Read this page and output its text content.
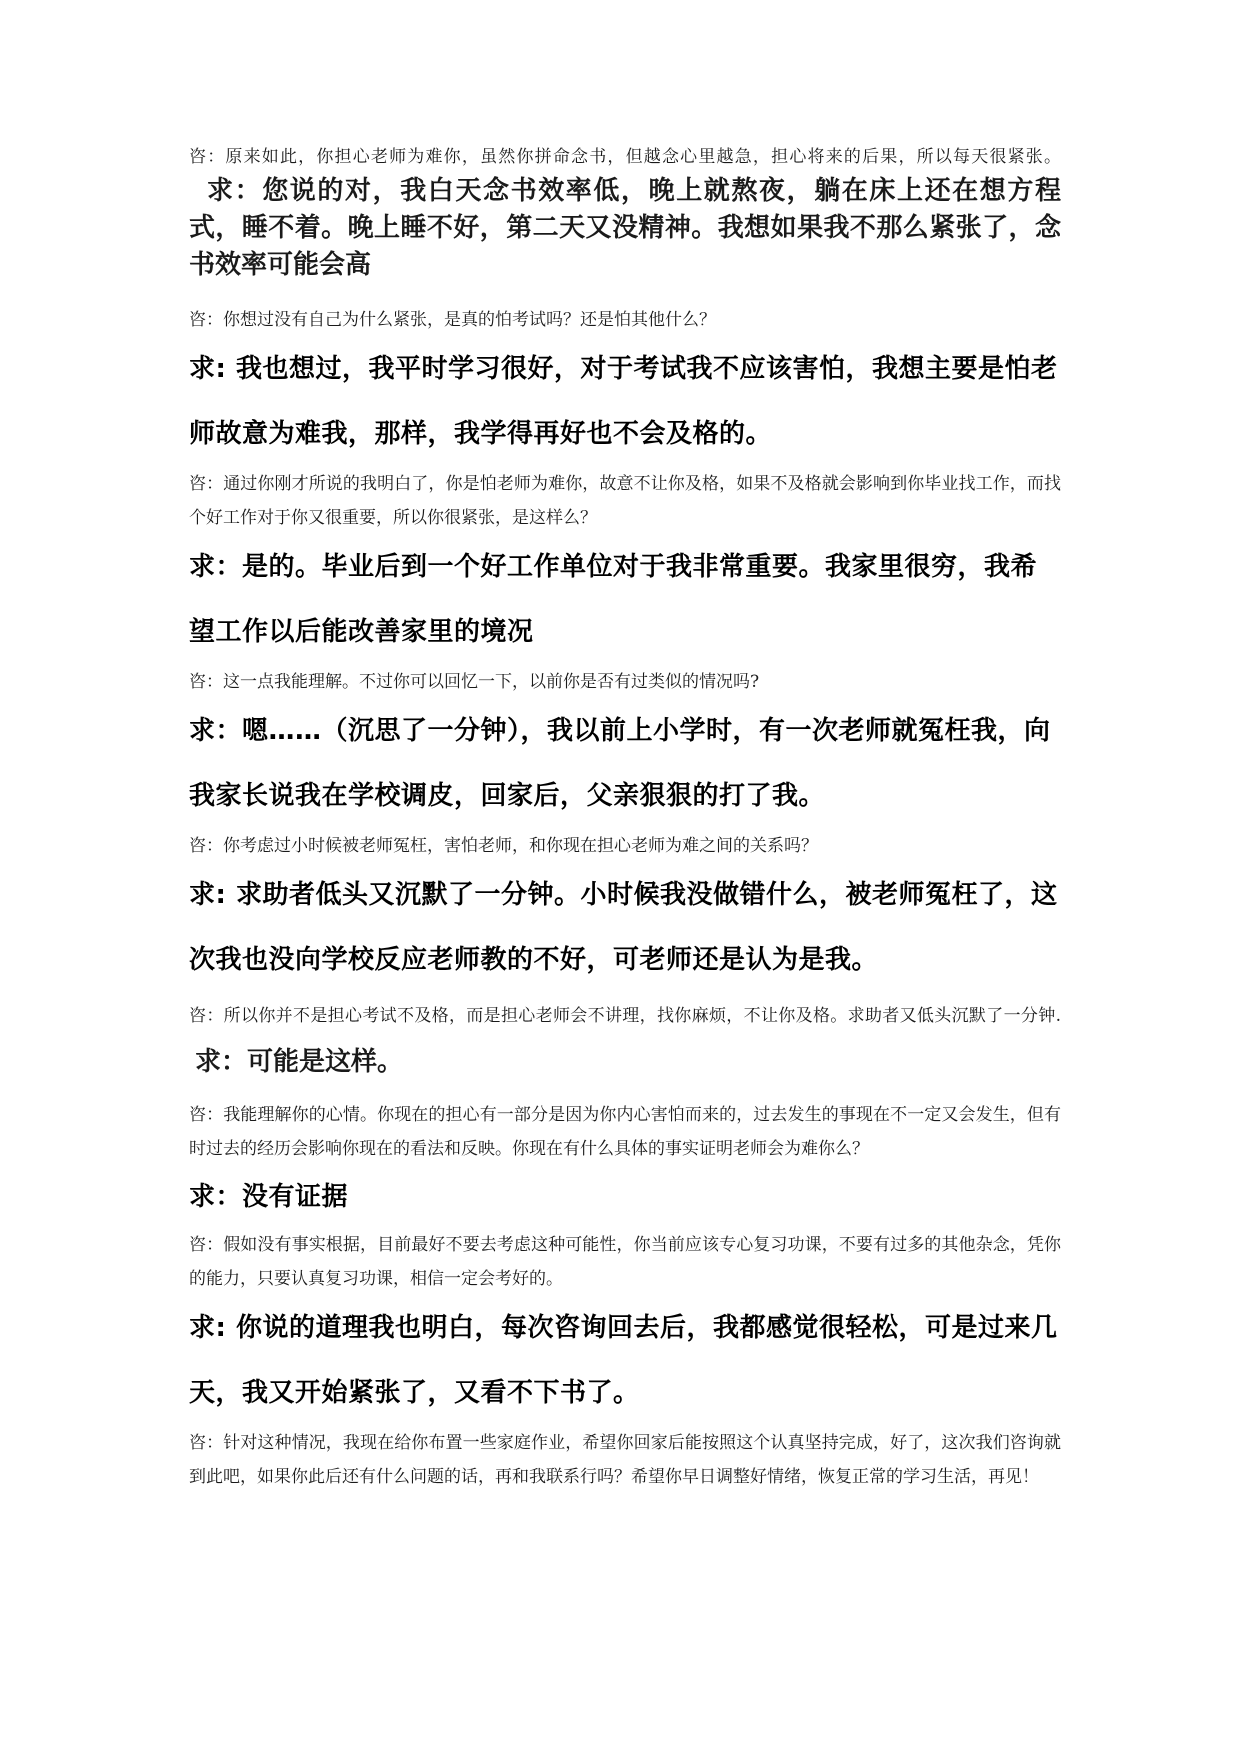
咨：原来如此，你担心老师为难你，虽然你拼命念书，但越念心里越急，担心将来的后果，所以每天很紧张。求：您说的对，我白天念书效率低，晚上就熬夜，躺在床上还在想方程式，睡不着。晚上睡不好，第二天又没精神。我想如果我不那么紧张了，念书效率可能会高

咨：你想过没有自己为什么紧张，是真的怕考试吗？还是怕其他什么？

求: 我也想过，我平时学习很好，对于考试我不应该害怕，我想主要是怕老师故意为难我，那样，我学得再好也不会及格的。

咨：通过你刚才所说的我明白了，你是怕老师为难你，故意不让你及格，如果不及格就会影响到你毕业找工作，而找个好工作对于你又很重要，所以你很紧张，是这样么？

求：是的。毕业后到一个好工作单位对于我非常重要。我家里很穷，我希望工作以后能改善家里的境况

咨：这一点我能理解。不过你可以回忆一下，以前你是否有过类似的情况吗?

求：嗯……（沉思了一分钟），我以前上小学时，有一次老师就冤枉我，向我家长说我在学校调皮，回家后，父亲狠狠的打了我。

咨：你考虑过小时候被老师冤枉，害怕老师，和你现在担心老师为难之间的关系吗？

求: 求助者低头又沉默了一分钟。小时候我没做错什么，被老师冤枉了，这次我也没向学校反应老师教的不好，可老师还是认为是我。

咨：所以你并不是担心考试不及格，而是担心老师会不讲理，找你麻烦，不让你及格。求助者又低头沉默了一分钟.求：可能是这样。

咨：我能理解你的心情。你现在的担心有一部分是因为你内心害怕而来的，过去发生的事现在不一定又会发生，但有时过去的经历会影响你现在的看法和反映。你现在有什么具体的事实证明老师会为难你么？

求：没有证据

咨：假如没有事实根据，目前最好不要去考虑这种可能性，你当前应该专心复习功课，不要有过多的其他杂念，凭你的能力，只要认真复习功课，相信一定会考好的。

求: 你说的道理我也明白，每次咨询回去后，我都感觉很轻松，可是过来几天，我又开始紧张了，又看不下书了。

咨：针对这种情况，我现在给你布置一些家庭作业，希望你回家后能按照这个认真坚持完成，好了，这次我们咨询就到此吧，如果你此后还有什么问题的话，再和我联系行吗？希望你早日调整好情绪，恢复正常的学习生活，再见！
